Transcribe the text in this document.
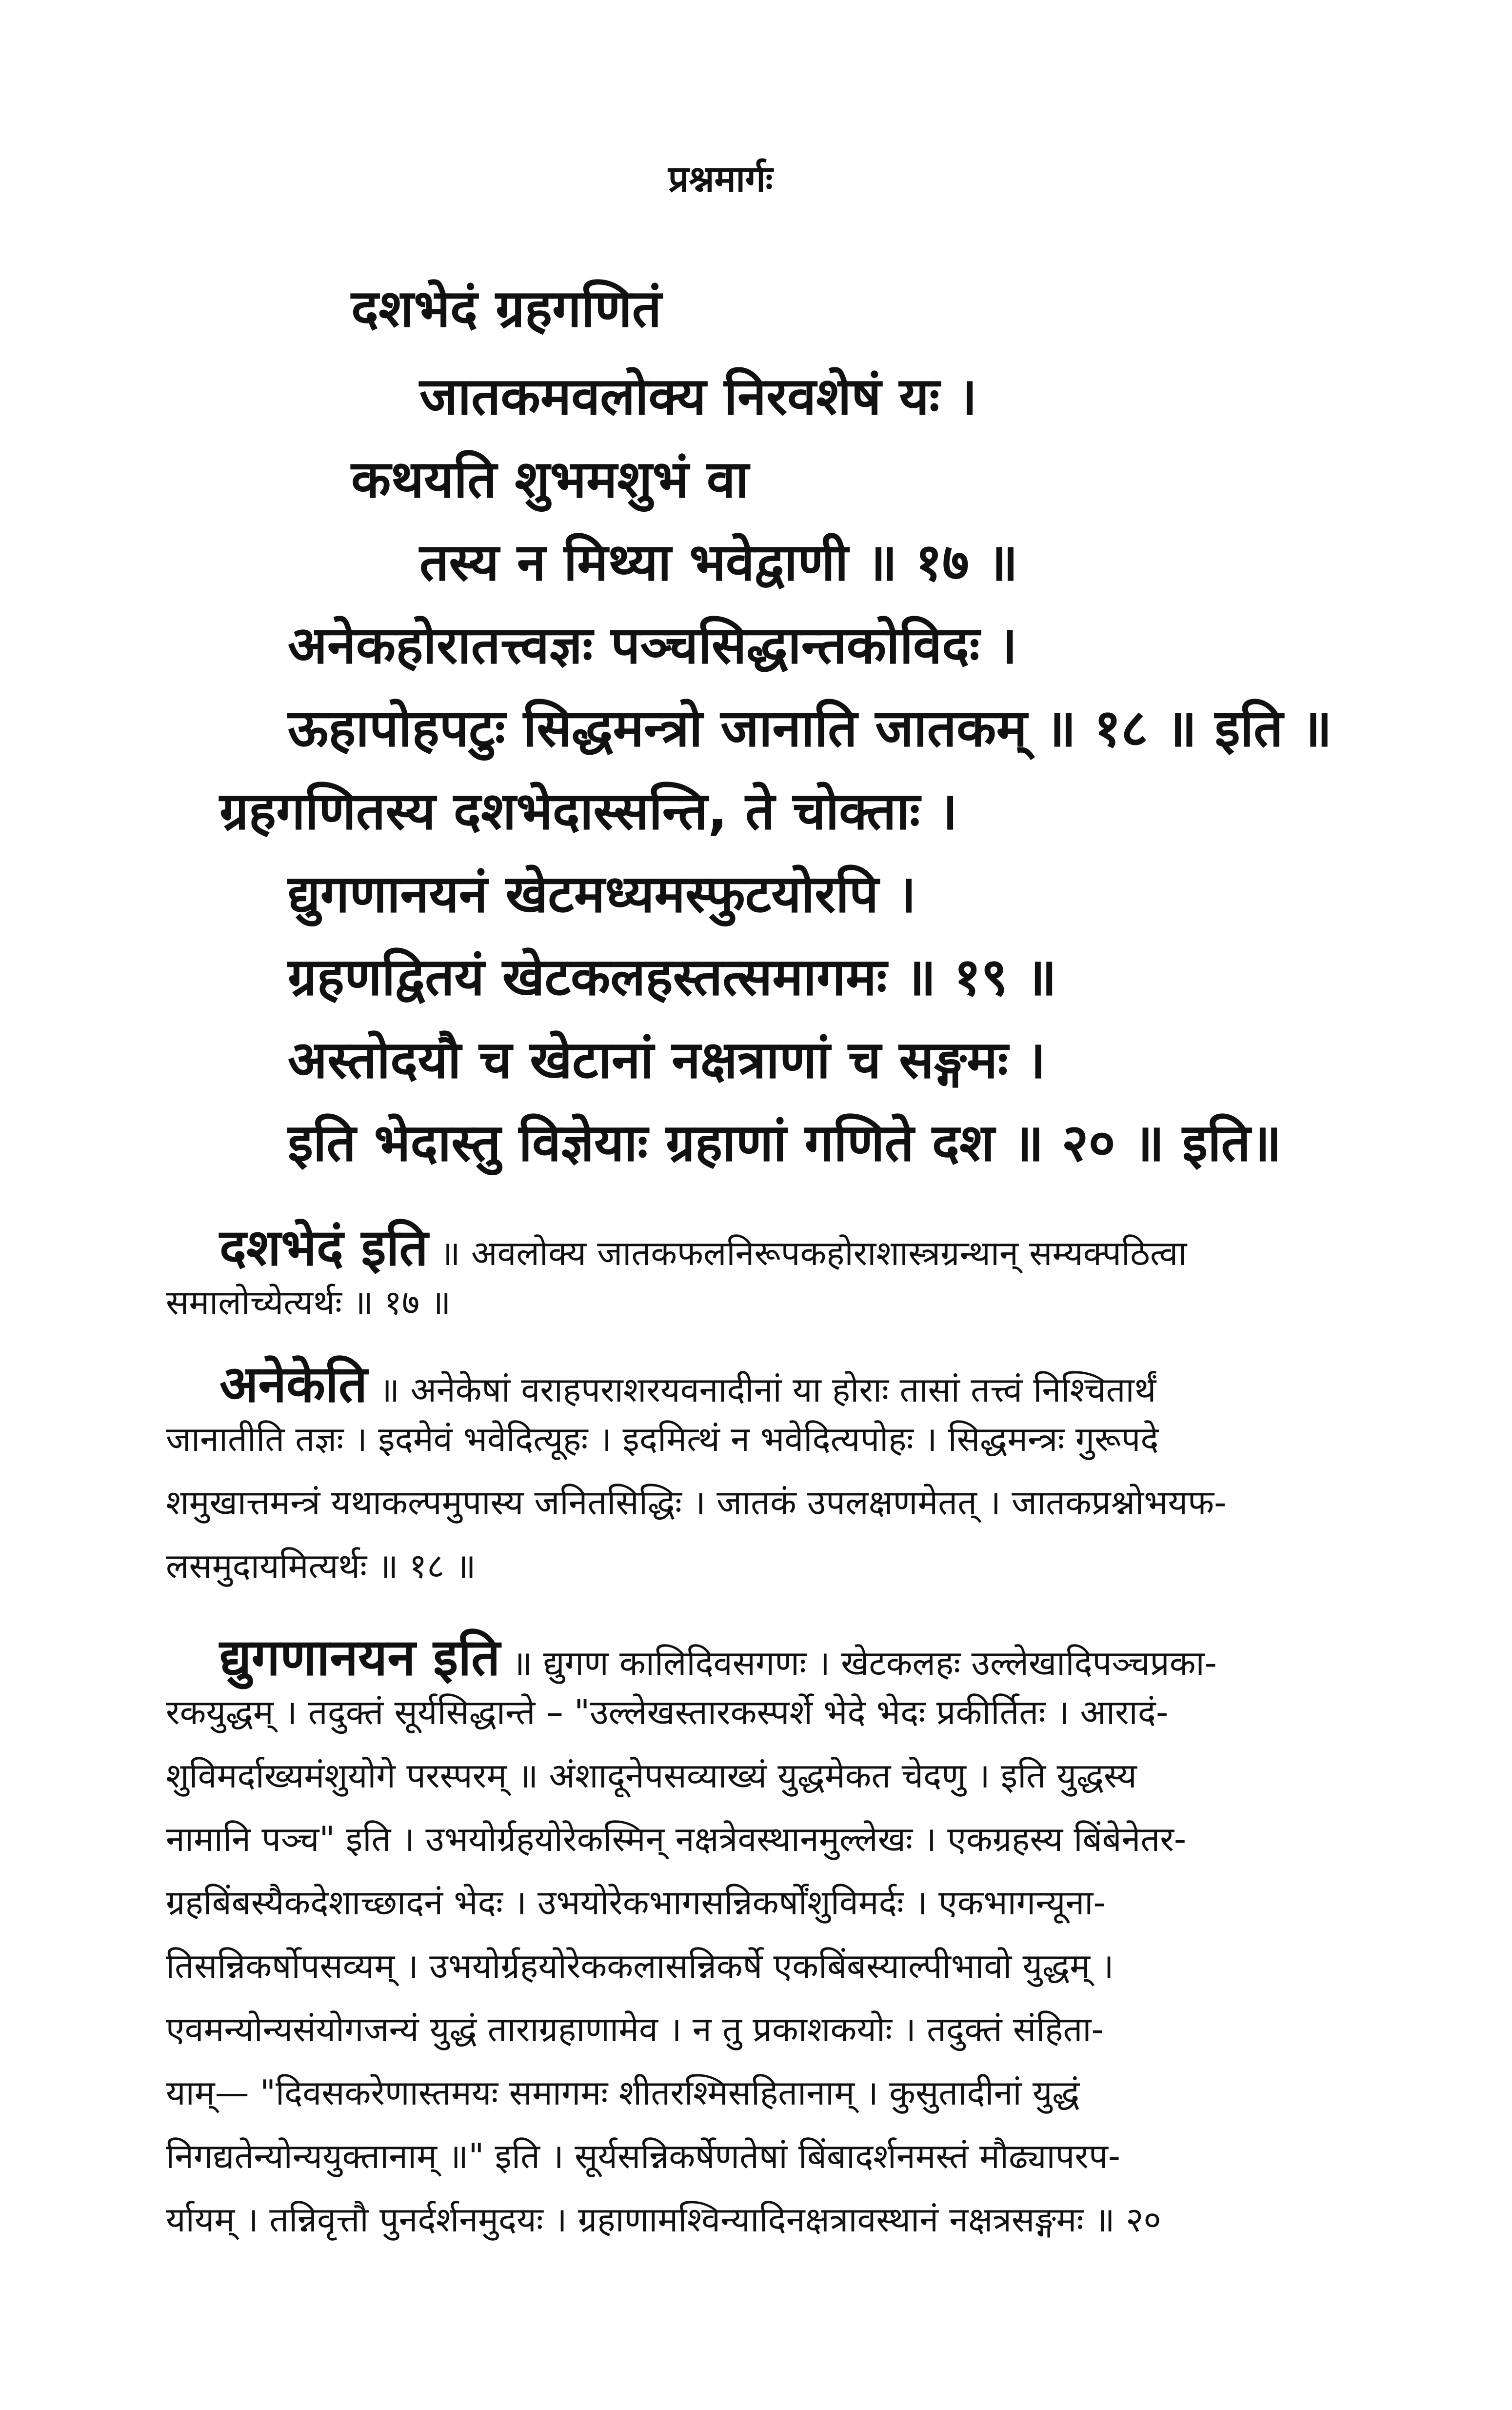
प्रश्नमार्गः
दशभेदं ग्रहगणितं
जातकमवलोक्य निरवशेषं यः ।
कथयति शुभमशुभं वा
तस्य न मिथ्या भवेद्वाणी ॥ १७ ॥
अनेकहोरातत्त्वज्ञः पञ्चसिद्धान्तकोविदः ।
ऊहापोहपटुः सिद्धमन्त्रो जानाति जातकम् ॥ १८ ॥ इति ॥
ग्रहगणितस्य दशभेदास्सन्ति, ते चोक्ताः ।
द्युगणानयनं खेटमध्यमस्फुटयोरपि ।
ग्रहणद्वितयं खेटकलहस्तत्समागमः ॥ १९ ॥
अस्तोदयौ च खेटानां नक्षत्राणां च सङ्गमः ।
इति भेदास्तु विज्ञेयाः ग्रहाणां गणिते दश ॥ २० ॥ इति॥
दशभेदं इति ॥ अवलोक्य जातकफलनिरूपकहोराशास्त्रग्रन्थान् सम्यक्पठित्वा
समालोच्येत्यर्थः ॥ १७ ॥
अनेकेति ॥ अनेकेषां वराहपराशरयवनादीनां या होराः तासां तत्त्वं निश्चितार्थं
जानातीति तज्ञः । इदमेवं भवेदित्यूहः । इदमित्थं न भवेदित्यपोहः । सिद्धमन्त्रः गुरूपदे
शमुखात्तमन्त्रं यथाकल्पमुपास्य जनितसिद्धिः । जातकं उपलक्षणमेतत् । जातकप्रश्नोभयफ-
लसमुदायमित्यर्थः ॥ १८ ॥
द्युगणानयन इति ॥ द्युगण कालिदिवसगणः । खेटकलहः उल्लेखादिपञ्चप्रका-
रकयुद्धम् । तदुक्तं सूर्यसिद्धान्ते – "उल्लेखस्तारकस्पर्शे भेदे भेदः प्रकीर्तितः । आरादं-
शुविमर्दाख्यमंशुयोगे परस्परम् ॥ अंशादूनेपसव्याख्यं युद्धमेकत चेदणु । इति युद्धस्य
नामानि पञ्च" इति । उभयोर्ग्रहयोरेकस्मिन् नक्षत्रेवस्थानमुल्लेखः । एकग्रहस्य बिंबेनेतर-
ग्रहबिंबस्यैकदेशाच्छादनं भेदः । उभयोरेकभागसन्निकर्षोंशुविमर्दः । एकभागन्यूना-
तिसन्निकर्षोपसव्यम् । उभयोर्ग्रहयोरेककलासन्निकर्षे एकबिंबस्याल्पीभावो युद्धम् ।
एवमन्योन्यसंयोगजन्यं युद्धं ताराग्रहाणामेव । न तु प्रकाशकयोः । तदुक्तं संहिता-
याम्— "दिवसकरेणास्तमयः समागमः शीतरश्मिसहितानाम् । कुसुतादीनां युद्धं
निगद्यतेन्योन्ययुक्तानाम् ॥" इति । सूर्यसन्निकर्षेणतेषां बिंबादर्शनमस्तं मौढ्यापरप-
र्यायम् । तन्निवृत्तौ पुनर्दर्शनमुदयः । ग्रहाणामश्विन्यादिनक्षत्रावस्थानं नक्षत्रसङ्गमः ॥ २०
